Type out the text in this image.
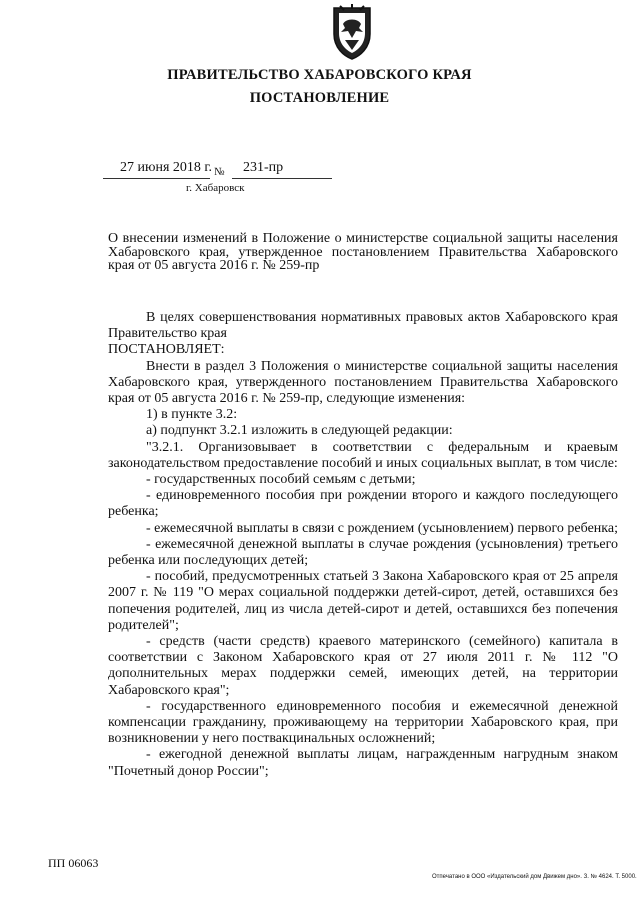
ПРАВИТЕЛЬСТВО ХАБАРОВСКОГО КРАЯ
ПОСТАНОВЛЕНИЕ
27 июня 2018 г. № 231-пр
г. Хабаровск
О внесении изменений в Положение о министерстве социальной защиты населения Хабаровского края, утвержденное постановлением Правительства Хабаровского края от 05 августа 2016 г. № 259-пр

В целях совершенствования нормативных правовых актов Хабаровского края Правительство края

ПОСТАНОВЛЯЕТ:

Внести в раздел 3 Положения о министерстве социальной защиты населения Хабаровского края, утвержденного постановлением Правительства Хабаровского края от 05 августа 2016 г. № 259-пр, следующие изменения:

1) в пункте 3.2:

а) подпункт 3.2.1 изложить в следующей редакции:

"3.2.1. Организовывает в соответствии с федеральным и краевым законодательством предоставление пособий и иных социальных выплат, в том числе:

- государственных пособий семьям с детьми;

- единовременного пособия при рождении второго и каждого последующего ребенка;

- ежемесячной выплаты в связи с рождением (усыновлением) первого ребенка;

- ежемесячной денежной выплаты в случае рождения (усыновления) третьего ребенка или последующих детей;

- пособий, предусмотренных статьей 3 Закона Хабаровского края от 25 апреля 2007 г. № 119 "О мерах социальной поддержки детей-сирот, детей, оставшихся без попечения родителей, лиц из числа детей-сирот и детей, оставшихся без попечения родителей";

- средств (части средств) краевого материнского (семейного) капитала в соответствии с Законом Хабаровского края от 27 июля 2011 г. № 112 "О дополнительных мерах поддержки семей, имеющих детей, на территории Хабаровского края";

- государственного единовременного пособия и ежемесячной денежной компенсации гражданину, проживающему на территории Хабаровского края, при возникновении у него поствакцинальных осложнений;

- ежегодной денежной выплаты лицам, награжденным нагрудным знаком "Почетный донор России";

ПП 06063
Отпечатано в ООО «Издательский дом Движем дно». З. № 4624. Т. 5000.
